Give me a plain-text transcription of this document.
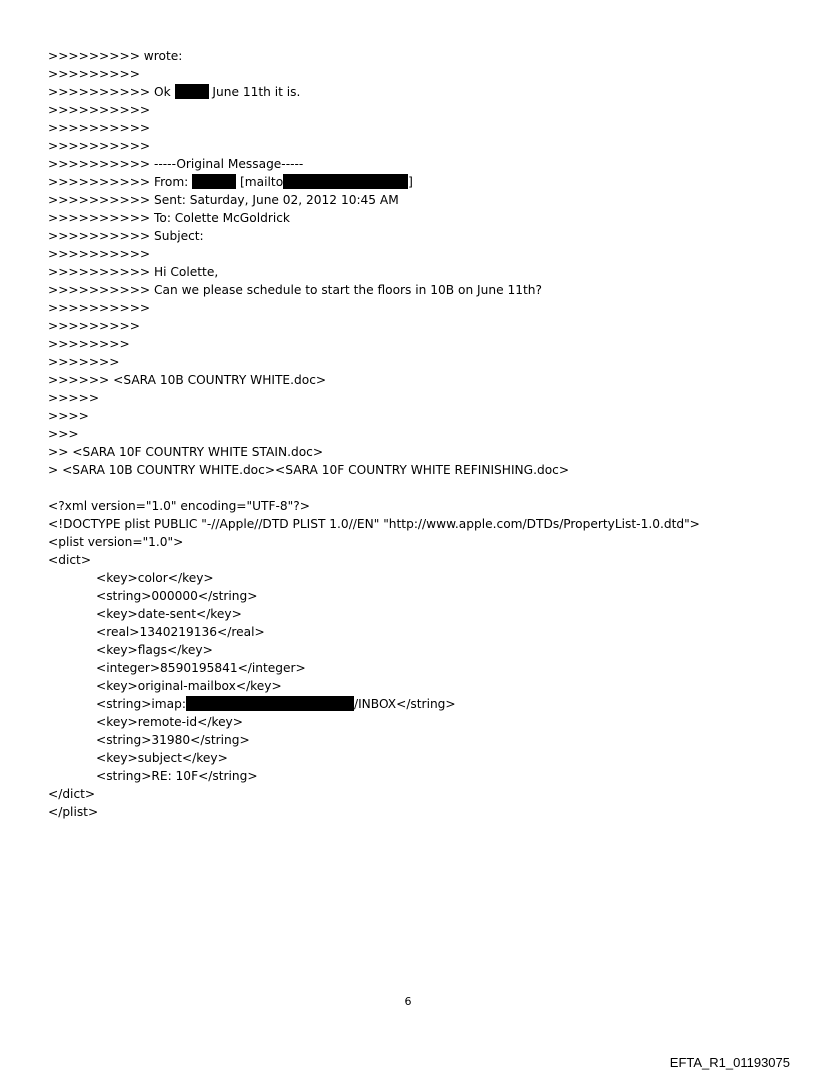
>>>>>>>>> wrote:
>>>>>>>>>
>>>>>>>>>> Ok	June 11th it is.
>>>>>>>>>>
>>>>>>>>>>
>>>>>>>>>>
>>>>>>>>>> -----Original Message-----
>>>>>>>>>> From:	[mailto	]
>>>>>>>>>> Sent: Saturday, June 02, 2012 10:45 AM
>>>>>>>>>> To: Colette McGoldrick
>>>>>>>>>> Subject:
>>>>>>>>>>
>>>>>>>>>> Hi Colette,
>>>>>>>>>> Can we please schedule to start the floors in 10B on June 11th?
>>>>>>>>>>
>>>>>>>>>
>>>>>>>>
>>>>>>>
>>>>>> <SARA 10B COUNTRY WHITE.doc>
>>>>>
>>>>
>>>
>> <SARA 10F COUNTRY WHITE STAIN.doc>
> <SARA 10B COUNTRY WHITE.doc><SARA 10F COUNTRY WHITE REFINISHING.doc>
<?xml version="1.0" encoding="UTF-8"?>
<!DOCTYPE plist PUBLIC "-//Apple//DTD PLIST 1.0//EN" "http://www.apple.com/DTDs/PropertyList-1.0.dtd">
<plist version="1.0">
<dict>
<key>color</key>
<string>000000</string>
<key>date-sent</key>
<real>1340219136</real>
<key>flags</key>
<integer>8590195841</integer>
<key>original-mailbox</key>
<string>imap:	/INBOX</string>
<key>remote-id</key>
<string>31980</string>
<key>subject</key>
<string>RE: 10F</string>
</dict>
</plist>
6
EFTA_R1_01193075
